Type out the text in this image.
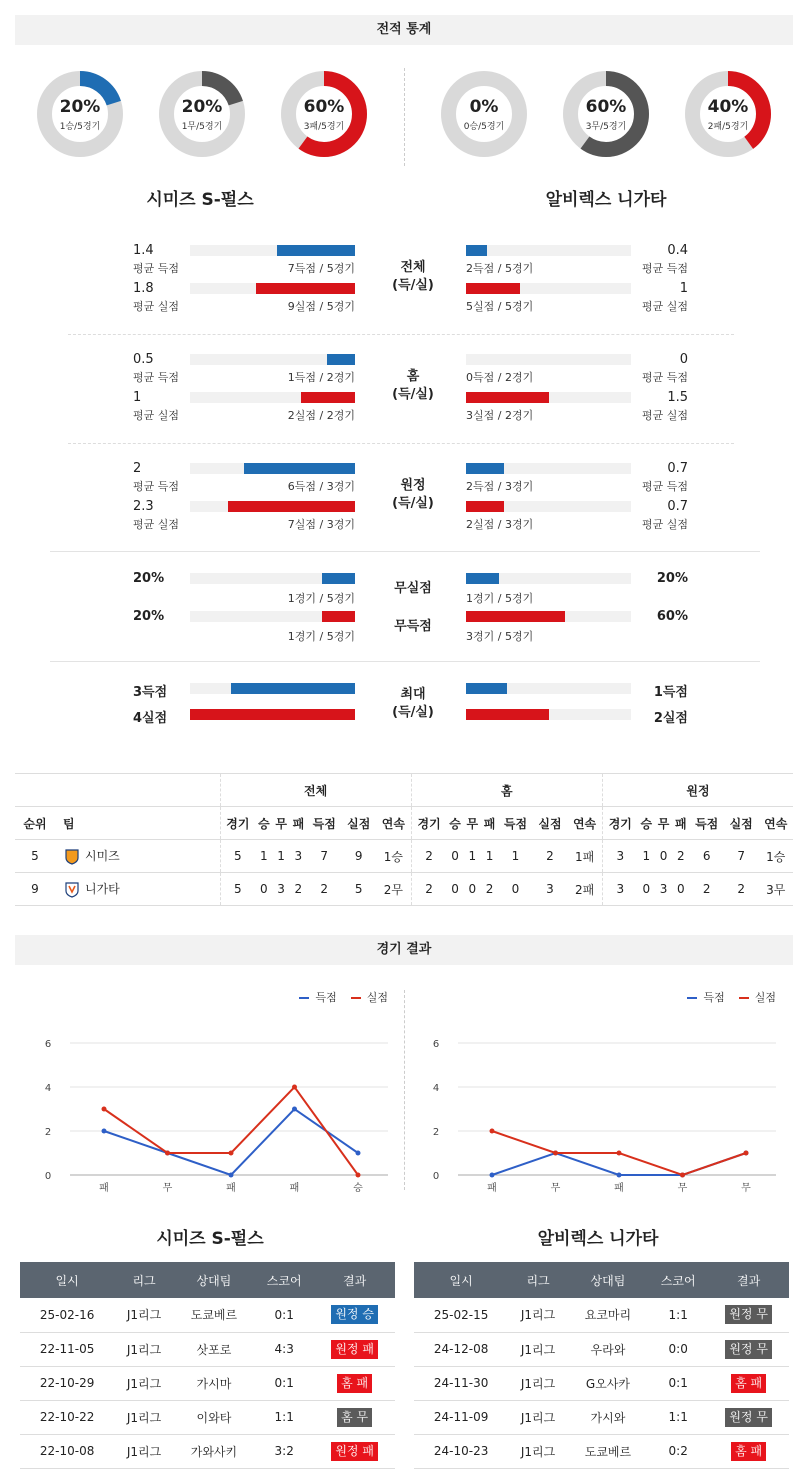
전적 통계
20%
1승/5경기
20%
1무/5경기
60%
3패/5경기
0%
0승/5경기
60%
3무/5경기
40%
2패/5경기
시미즈 S-펄스	알비렉스 니가타
1.4
평균 득점	7득점 / 5경기
0.4
평균 득점
2득점 / 5경기
1.8
평균 실점	9실점 / 5경기
1
평균 실점
5실점 / 5경기
전체
(득/실)
0.5
평균 득점	1득점 / 2경기
0
평균 득점
0득점 / 2경기
1
평균 실점	2실점 / 2경기
1.5
평균 실점
3실점 / 2경기
홈
(득/실)
2
평균 득점	6득점 / 3경기
0.7
평균 득점
2득점 / 3경기
2.3
평균 실점	7실점 / 3경기
0.7
평균 실점
2실점 / 3경기
원정
(득/실)
20%
1경기 / 5경기
20%
1경기 / 5경기
무실점
20%
1경기 / 5경기
60%
3경기 / 5경기
무득점
3득점	1득점
4실점	2실점
최대
(득/실)
		전체							홈							원정						
순위	팀	경기	승	무	패	득점	실점	연속	경기	승	무	패	득점	실점	연속	경기	승	무	패	득점	실점	연속
5	시미즈	5	1	1	3	7	9	1승	2	0	1	1	1	2	1패	3	1	0	2	6	7	1승
9	니가타	5	0	3	2	2	5	2무	2	0	0	2	0	3	2패	3	0	3	0	2	2	3무
경기 결과
득점	실점
0
2
4
6
패	무	패	패	승
득점	실점
0
2
4
6
패	무	패	무	무
시미즈 S-펄스	알비렉스 니가타
일시	리그	상대팀	스코어	결과
25-02-16	J1리그	도쿄베르	0:1	원정 승
22-11-05	J1리그	삿포로	4:3	원정 패
22-10-29	J1리그	가시마	0:1	홈 패
22-10-22	J1리그	이와타	1:1	홈 무
22-10-08	J1리그	가와사키	3:2	원정 패
일시	리그	상대팀	스코어	결과
25-02-15	J1리그	요코마리	1:1	원정 무
24-12-08	J1리그	우라와	0:0	원정 무
24-11-30	J1리그	G오사카	0:1	홈 패
24-11-09	J1리그	가시와	1:1	원정 무
24-10-23	J1리그	도쿄베르	0:2	홈 패
